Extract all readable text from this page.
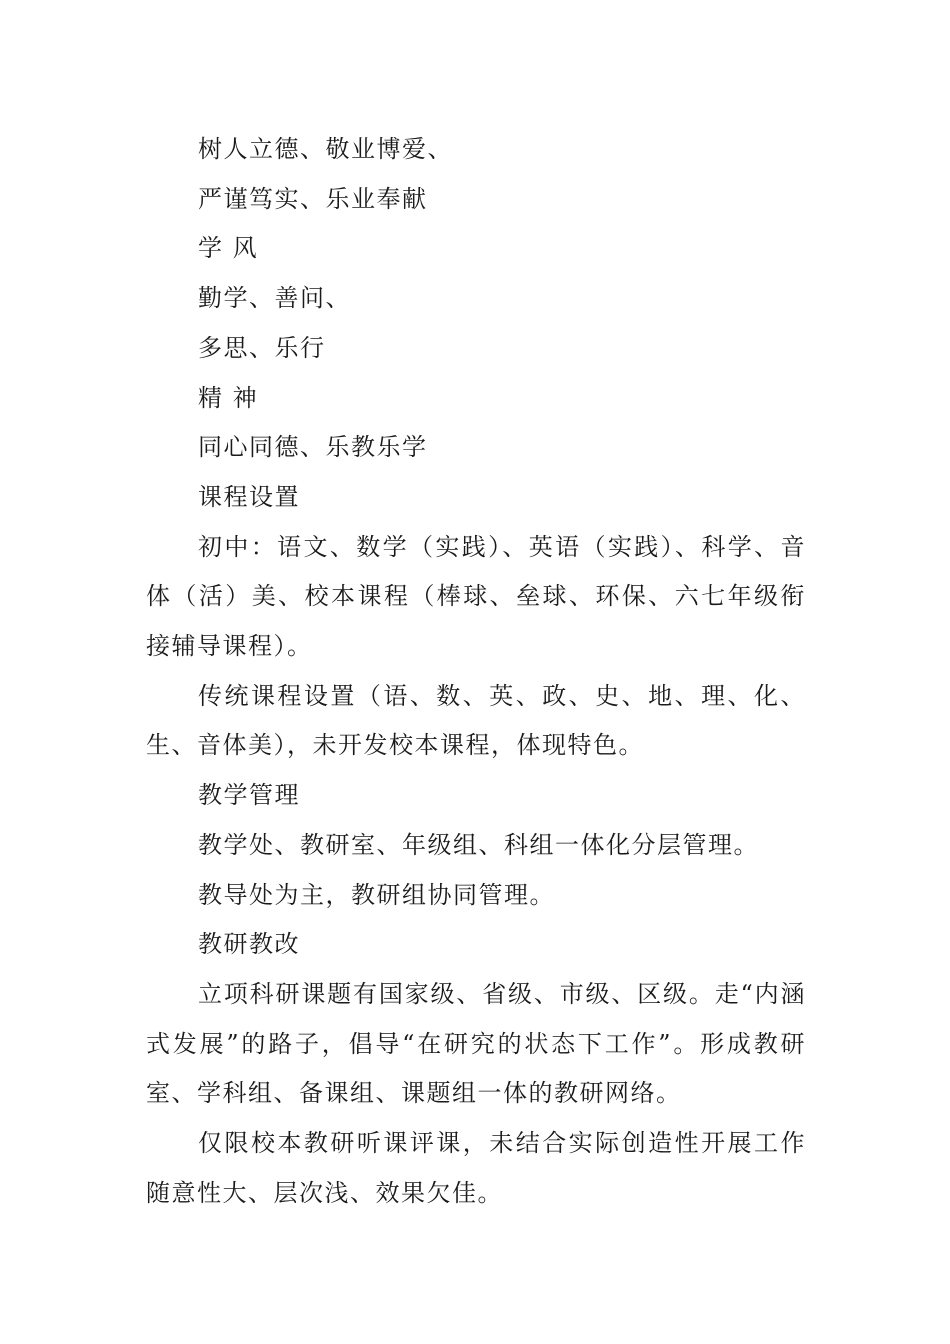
树人立德、敬业博爱、

严谨笃实、乐业奉献

学 风

勤学、善问、

多思、乐行

精 神

同心同德、乐教乐学

课程设置

初中：语文、数学（实践）、英语（实践）、科学、音体（活）美、校本课程（棒球、垒球、环保、六七年级衔接辅导课程）。

传统课程设置（语、数、英、政、史、地、理、化、生、音体美），未开发校本课程，体现特色。

教学管理

教学处、教研室、年级组、科组一体化分层管理。

教导处为主，教研组协同管理。

教研教改

立项科研课题有国家级、省级、市级、区级。走“内涵式发展”的路子，倡导“在研究的状态下工作”。形成教研室、学科组、备课组、课题组一体的教研网络。

仅限校本教研听课评课，未结合实际创造性开展工作随意性大、层次浅、效果欠佳。
